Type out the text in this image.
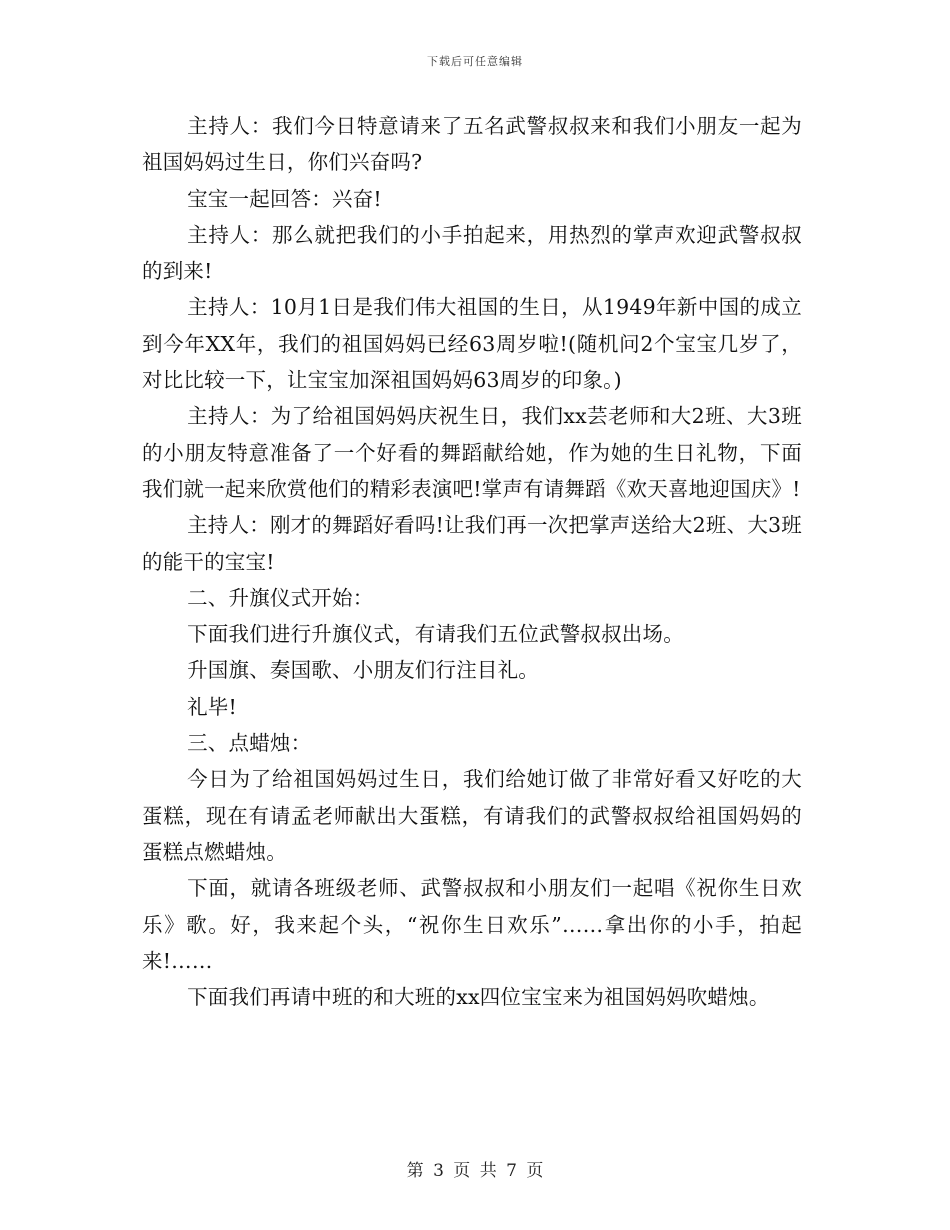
下载后可任意编辑

主持人：我们今日特意请来了五名武警叔叔来和我们小朋友一起为祖国妈妈过生日，你们兴奋吗?

宝宝一起回答：兴奋!

主持人：那么就把我们的小手拍起来，用热烈的掌声欢迎武警叔叔的到来!

主持人：10月1日是我们伟大祖国的生日，从1949年新中国的成立到今年XX年，我们的祖国妈妈已经63周岁啦!(随机问2个宝宝几岁了，对比比较一下，让宝宝加深祖国妈妈63周岁的印象。)

主持人：为了给祖国妈妈庆祝生日，我们xx芸老师和大2班、大3班的小朋友特意准备了一个好看的舞蹈献给她，作为她的生日礼物，下面我们就一起来欣赏他们的精彩表演吧!掌声有请舞蹈《欢天喜地迎国庆》!

主持人：刚才的舞蹈好看吗!让我们再一次把掌声送给大2班、大3班的能干的宝宝!

二、升旗仪式开始：

下面我们进行升旗仪式，有请我们五位武警叔叔出场。

升国旗、奏国歌、小朋友们行注目礼。

礼毕!

三、点蜡烛：

今日为了给祖国妈妈过生日，我们给她订做了非常好看又好吃的大蛋糕，现在有请孟老师献出大蛋糕，有请我们的武警叔叔给祖国妈妈的蛋糕点燃蜡烛。

下面，就请各班级老师、武警叔叔和小朋友们一起唱《祝你生日欢乐》歌。好，我来起个头，“祝你生日欢乐”……拿出你的小手，拍起来!……

下面我们再请中班的和大班的xx四位宝宝来为祖国妈妈吹蜡烛。

第 3 页 共 7 页
